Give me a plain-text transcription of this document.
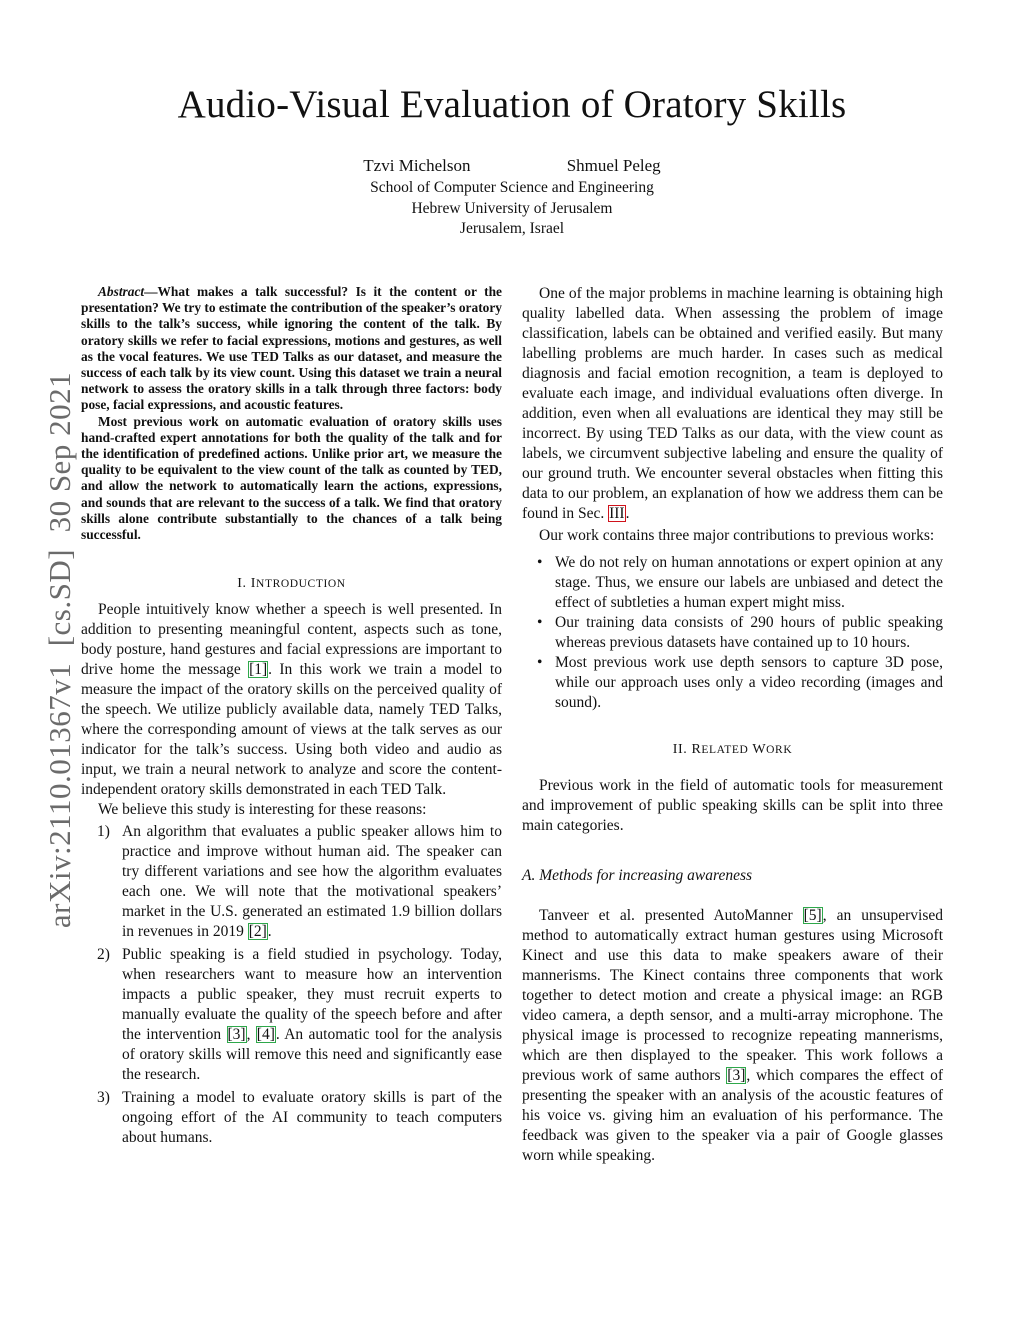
Audio-Visual Evaluation of Oratory Skills
Tzvi Michelson	Shmuel Peleg
School of Computer Science and Engineering
Hebrew University of Jerusalem
Jerusalem, Israel
arXiv:2110.01367v1  [cs.SD]  30 Sep 2021

Abstract—What makes a talk successful? Is it the content or the presentation? We try to estimate the contribution of the speaker’s oratory skills to the talk’s success, while ignoring the content of the talk. By oratory skills we refer to facial expressions, motions and gestures, as well as the vocal features. We use TED Talks as our dataset, and measure the success of each talk by its view count. Using this dataset we train a neural network to assess the oratory skills in a talk through three factors: body pose, facial expressions, and acoustic features.

Most previous work on automatic evaluation of oratory skills uses hand-crafted expert annotations for both the quality of the talk and for the identification of predefined actions. Unlike prior art, we measure the quality to be equivalent to the view count of the talk as counted by TED, and allow the network to automatically learn the actions, expressions, and sounds that are relevant to the success of a talk. We find that oratory skills alone contribute substantially to the chances of a talk being successful.

I. INTRODUCTION

People intuitively know whether a speech is well presented. In addition to presenting meaningful content, aspects such as tone, body posture, hand gestures and facial expressions are important to drive home the message [1]. In this work we train a model to measure the impact of the oratory skills on the perceived quality of the speech. We utilize publicly available data, namely TED Talks, where the corresponding amount of views at the talk serves as our indicator for the talk’s success. Using both video and audio as input, we train a neural network to analyze and score the content-independent oratory skills demonstrated in each TED Talk.

We believe this study is interesting for these reasons:

1) An algorithm that evaluates a public speaker allows him to practice and improve without human aid. The speaker can try different variations and see how the algorithm evaluates each one. We will note that the motivational speakers’ market in the U.S. generated an estimated 1.9 billion dollars in revenues in 2019 [2].
2) Public speaking is a field studied in psychology. Today, when researchers want to measure how an intervention impacts a public speaker, they must recruit experts to manually evaluate the quality of the speech before and after the intervention [3], [4]. An automatic tool for the analysis of oratory skills will remove this need and significantly ease the research.
3) Training a model to evaluate oratory skills is part of the ongoing effort of the AI community to teach computers about humans.

One of the major problems in machine learning is obtaining high quality labelled data. When assessing the problem of image classification, labels can be obtained and verified easily. But many labelling problems are much harder. In cases such as medical diagnosis and facial emotion recognition, a team is deployed to evaluate each image, and individual evaluations often diverge. In addition, even when all evaluations are identical they may still be incorrect. By using TED Talks as our data, with the view count as labels, we circumvent subjective labeling and ensure the quality of our ground truth. We encounter several obstacles when fitting this data to our problem, an explanation of how we address them can be found in Sec. III.

Our work contains three major contributions to previous works:

• We do not rely on human annotations or expert opinion at any stage. Thus, we ensure our labels are unbiased and detect the effect of subtleties a human expert might miss.
• Our training data consists of 290 hours of public speaking whereas previous datasets have contained up to 10 hours.
• Most previous work use depth sensors to capture 3D pose, while our approach uses only a video recording (images and sound).
II. RELATED WORK

Previous work in the field of automatic tools for measurement and improvement of public speaking skills can be split into three main categories.

A. Methods for increasing awareness

Tanveer et al. presented AutoManner [5], an unsupervised method to automatically extract human gestures using Microsoft Kinect and use this data to make speakers aware of their mannerisms. The Kinect contains three components that work together to detect motion and create a physical image: an RGB video camera, a depth sensor, and a multi-array microphone. The physical image is processed to recognize repeating mannerisms, which are then displayed to the speaker. This work follows a previous work of same authors [3], which compares the effect of presenting the speaker with an analysis of the acoustic features of his voice vs. giving him an evaluation of his performance. The feedback was given to the speaker via a pair of Google glasses worn while speaking.
